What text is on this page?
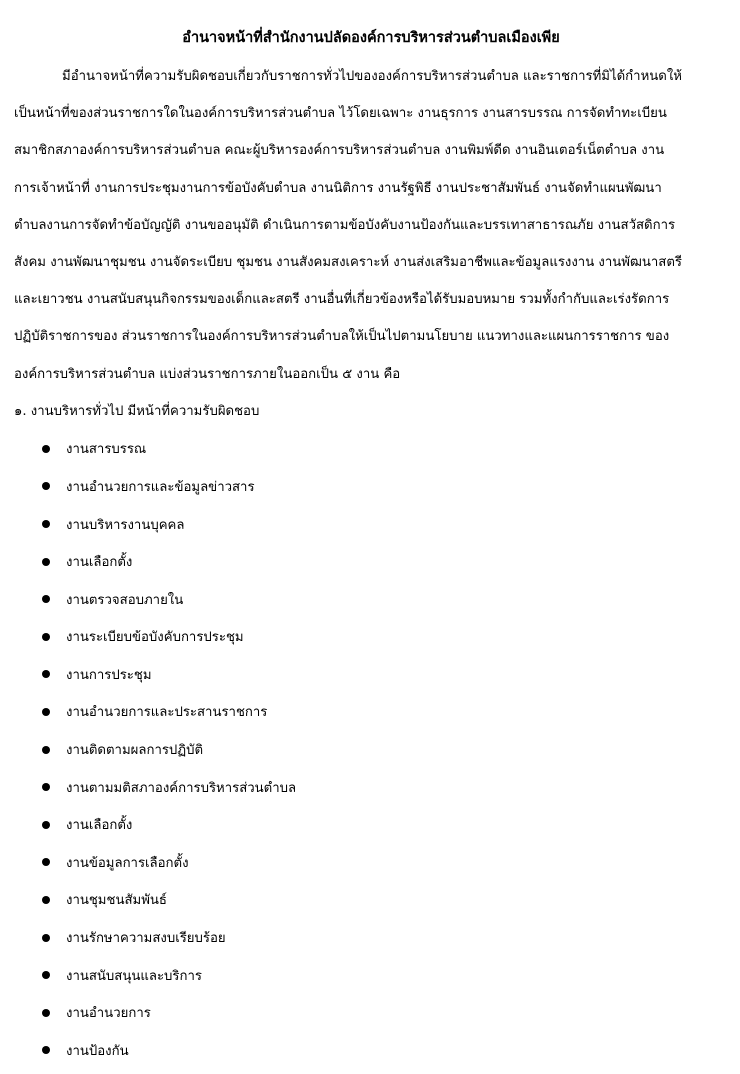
อำนาจหน้าที่สำนักงานปลัดองค์การบริหารส่วนตำบลเมืองเพีย

มีอำนาจหน้าที่ความรับผิดชอบเกี่ยวกับราชการทั่วไปขององค์การบริหารส่วนตำบล และราชการที่มิได้กำหนดให้
เป็นหน้าที่ของส่วนราชการใดในองค์การบริหารส่วนตำบล ไว้โดยเฉพาะ งานธุรการ งานสารบรรณ การจัดทำทะเบียน
สมาชิกสภาองค์การบริหารส่วนตำบล คณะผู้บริหารองค์การบริหารส่วนตำบล งานพิมพ์ดีด งานอินเตอร์เน็ตตำบล งาน
การเจ้าหน้าที่ งานการประชุมงานการข้อบังคับตำบล งานนิติการ งานรัฐพิธี งานประชาสัมพันธ์ งานจัดทำแผนพัฒนา
ตำบลงานการจัดทำข้อบัญญัติ งานขออนุมัติ ดำเนินการตามข้อบังคับงานป้องกันและบรรเทาสาธารณภัย งานสวัสดิการ
สังคม งานพัฒนาชุมชน งานจัดระเบียบ ชุมชน งานสังคมสงเคราะห์ งานส่งเสริมอาชีพและข้อมูลแรงงาน งานพัฒนาสตรี
และเยาวชน งานสนับสนุนกิจกรรมของเด็กและสตรี งานอื่นที่เกี่ยวข้องหรือได้รับมอบหมาย รวมทั้งกำกับและเร่งรัดการ
ปฏิบัติราชการของ ส่วนราชการในองค์การบริหารส่วนตำบลให้เป็นไปตามนโยบาย แนวทางและแผนการราชการ ของ
องค์การบริหารส่วนตำบล แบ่งส่วนราชการภายในออกเป็น ๕ งาน คือ

๑. งานบริหารทั่วไป มีหน้าที่ความรับผิดชอบ
งานสารบรรณ
งานอำนวยการและข้อมูลข่าวสาร
งานบริหารงานบุคคล
งานเลือกตั้ง
งานตรวจสอบภายใน
งานระเบียบข้อบังคับการประชุม
งานการประชุม
งานอำนวยการและประสานราชการ
งานติดตามผลการปฏิบัติ
งานตามมติสภาองค์การบริหารส่วนตำบล
งานเลือกตั้ง
งานข้อมูลการเลือกตั้ง
งานชุมชนสัมพันธ์
งานรักษาความสงบเรียบร้อย
งานสนับสนุนและบริการ
งานอำนวยการ
งานป้องกัน
